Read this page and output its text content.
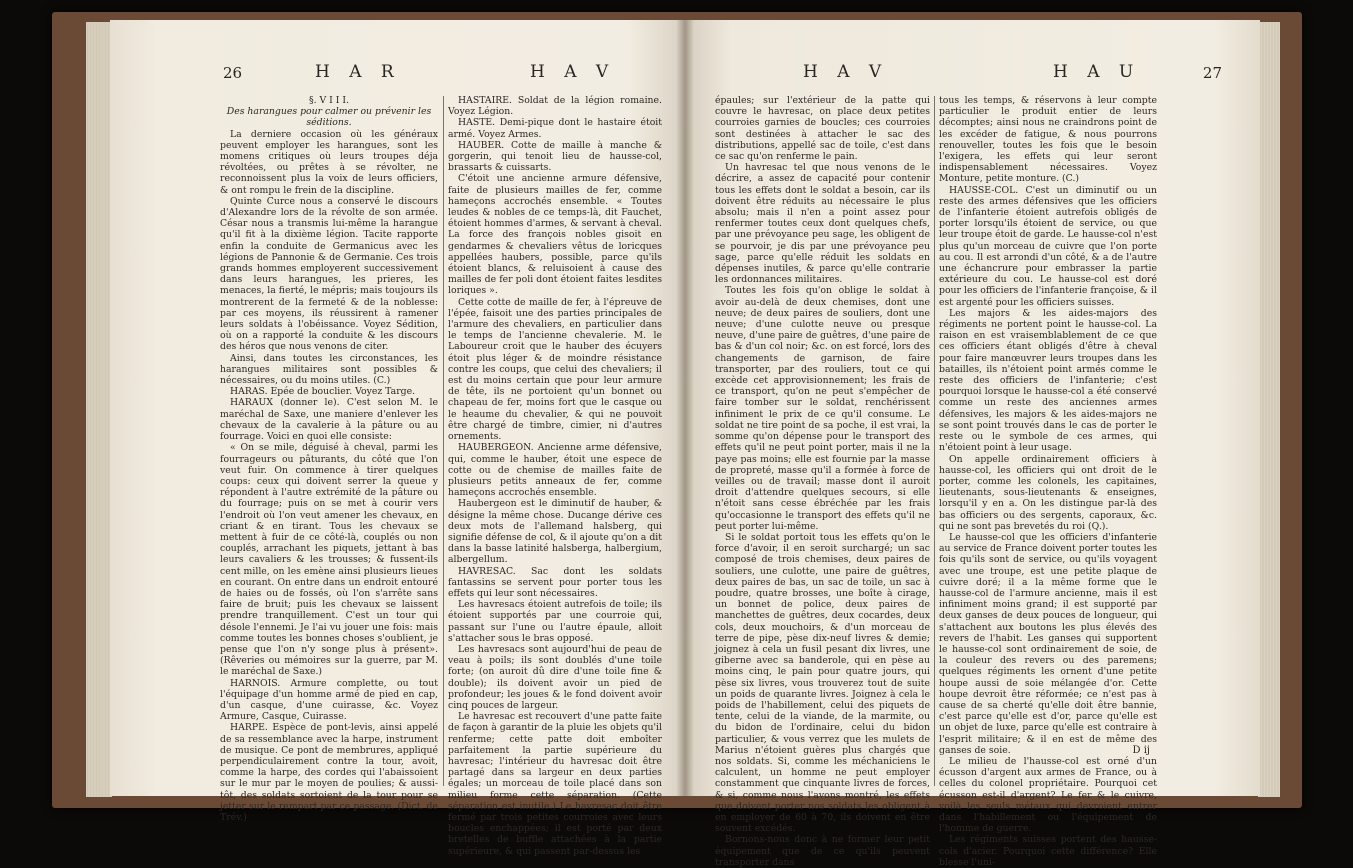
26	H A R	H A V

§. V I I I.

Des harangues pour calmer ou prévenir les séditions.

La derniere occasion où les généraux peuvent employer les harangues, sont les momens critiques où leurs troupes déja révoltées, ou prêtes à se révolter, ne reconnoissent plus la voix de leurs officiers, & ont rompu le frein de la discipline.

Quinte Curce nous a conservé le discours d'Alexandre lors de la révolte de son armée. César nous a transmis lui-même la harangue qu'il fit à la dixième légion. Tacite rapporte enfin la conduite de Germanicus avec les légions de Pannonie & de Germanie. Ces trois grands hommes employerent successivement dans leurs harangues, les prieres, les menaces, la fierté, le mépris; mais toujours ils montrerent de la fermeté & de la noblesse: par ces moyens, ils réussirent à ramener leurs soldats à l'obéissance. Voyez Sédition, où on a rapporté la conduite & les discours des héros que nous venons de citer.

Ainsi, dans toutes les circonstances, les harangues militaires sont possibles & nécessaires, ou du moins utiles. (C.)

HARAS. Epée de bouclier. Voyez Targe.

HARAUX (donner le). C'est selon M. le maréchal de Saxe, une maniere d'enlever les chevaux de la cavalerie à la pâture ou au fourrage. Voici en quoi elle consiste:

« On se mile, déguisé à cheval, parmi les fourrageurs ou pâturants, du côté que l'on veut fuir. On commence à tirer quelques coups: ceux qui doivent serrer la queue y répondent à l'autre extrémité de la pâture ou du fourrage; puis on se met à courir vers l'endroit où l'on veut amener les chevaux, en criant & en tirant. Tous les chevaux se mettent à fuir de ce côté-là, couplés ou non couplés, arrachant les piquets, jettant à bas leurs cavaliers & les trousses; & fussent-ils cent mille, on les emène ainsi plusieurs lieues en courant. On entre dans un endroit entouré de haies ou de fossés, où l'on s'arrête sans faire de bruit; puis les chevaux se laissent prendre tranquillement. C'est un tour qui désole l'ennemi. Je l'ai vu jouer une fois: mais comme toutes les bonnes choses s'oublient, je pense que l'on n'y songe plus à présent». (Rêveries ou mémoires sur la guerre, par M. le maréchal de Saxe.)

HARNOIS. Armure complette, ou tout l'équipage d'un homme armé de pied en cap, d'un casque, d'une cuirasse, &c. Voyez Armure, Casque, Cuirasse.

HARPE. Espèce de pont-levis, ainsi appelé de sa ressemblance avec la harpe, instrument de musique. Ce pont de membrures, appliqué perpendiculairement contre la tour, avoit, comme la harpe, des cordes qui l'abaissoient sur le mur par le moyen de poulies; & aussi-tôt, des soldats sortoient de la tour pour se jetter sur le rempart par ce passage. (Dict. de Trév.)

HASTAIRE. Soldat de la légion romaine. Voyez Légion.

HASTE. Demi-pique dont le hastaire étoit armé. Voyez Armes.

HAUBER. Cotte de maille à manche & gorgerin, qui tenoit lieu de hausse-col, brassarts & cuissarts.

C'étoit une ancienne armure défensive, faite de plusieurs mailles de fer, comme hameçons accrochés ensemble. « Toutes leudes & nobles de ce temps-là, dit Fauchet, étoient hommes d'armes, & servant à cheval. La force des françois nobles gisoit en gendarmes & chevaliers vêtus de loricques appellées haubers, possible, parce qu'ils étoient blancs, & reluisoient à cause des mailles de fer poli dont étoient faites lesdites loriques ».

Cette cotte de maille de fer, à l'épreuve de l'épée, faisoit une des parties principales de l'armure des chevaliers, en particulier dans le temps de l'ancienne chevalerie. M. le Laboureur croit que le hauber des écuyers étoit plus léger & de moindre résistance contre les coups, que celui des chevaliers; il est du moins certain que pour leur armure de tête, ils ne portoient qu'un bonnet ou chapeau de fer, moins fort que le casque ou le heaume du chevalier, & qui ne pouvoit être chargé de timbre, cimier, ni d'autres ornements.

HAUBERGEON. Ancienne arme défensive, qui, comme le hauber, étoit une espece de cotte ou de chemise de mailles faite de plusieurs petits anneaux de fer, comme hameçons accrochés ensemble.

Haubergeon est le diminutif de hauber, & désigne la même chose. Ducange dérive ces deux mots de l'allemand halsberg, qui signifie défense de col, & il ajoute qu'on a dit dans la basse latinité halsberga, halbergium, albergellum.

HAVRESAC. Sac dont les soldats fantassins se servent pour porter tous les effets qui leur sont nécessaires.

Les havresacs étoient autrefois de toile; ils étoient supportés par une courroie qui, passant sur l'une ou l'autre épaule, alloit s'attacher sous le bras opposé.

Les havresacs sont aujourd'hui de peau de veau à poils; ils sont doublés d'une toile forte; (on auroit dû dire d'une toile fine & double); ils doivent avoir un pied de profondeur; les joues & le fond doivent avoir cinq pouces de largeur.

Le havresac est recouvert d'une patte faite de façon à garantir de la pluie les objets qu'il renferme; cette patte doit emboîter parfaitement la partie supérieure du havresac; l'intérieur du havresac doit être partagé dans sa largeur en deux parties égales; un morceau de toile placé dans son milieu forme cette séparation. (Cette séparation est inutile.) Le havresac doit être fermé par trois petites courroies avec leurs boucles enchappées; il est porté par deux bretelles de buffle attachées à la partie supérieure, & qui passent par-dessus les

H A V	H A U	27

épaules; sur l'extérieur de la patte qui couvre le havresac, on place deux petites courroies garnies de boucles; ces courroies sont destinées à attacher le sac des distributions, appellé sac de toile, c'est dans ce sac qu'on renferme le pain.

Un havresac tel que nous venons de le décrire, a assez de capacité pour contenir tous les effets dont le soldat a besoin, car ils doivent être réduits au nécessaire le plus absolu; mais il n'en a point assez pour renfermer toutes ceux dont quelques chefs, par une prévoyance peu sage, les obligent de se pourvoir, je dis par une prévoyance peu sage, parce qu'elle réduit les soldats en dépenses inutiles, & parce qu'elle contrarie les ordonnances militaires.

Toutes les fois qu'on oblige le soldat à avoir au-delà de deux chemises, dont une neuve; de deux paires de souliers, dont une neuve; d'une culotte neuve ou presque neuve, d'une paire de guêtres, d'une paire de bas & d'un col noir; &c. on est forcé, lors des changements de garnison, de faire transporter, par des rouliers, tout ce qui excède cet approvisionnement; les frais de ce transport, qu'on ne peut s'empêcher de faire tomber sur le soldat, renchérissent infiniment le prix de ce qu'il consume. Le soldat ne tire point de sa poche, il est vrai, la somme qu'on dépense pour le transport des effets qu'il ne peut point porter, mais il ne la paye pas moins; elle est fournie par la masse de propreté, masse qu'il a formée à force de veilles ou de travail; masse dont il auroit droit d'attendre quelques secours, si elle n'étoit sans cesse ébréchée par les frais qu'occasionne le transport des effets qu'il ne peut porter lui-même.

Si le soldat portoit tous les effets qu'on le force d'avoir, il en seroit surchargé; un sac composé de trois chemises, deux paires de souliers, une culotte, une paire de guêtres, deux paires de bas, un sac de toile, un sac à poudre, quatre brosses, une boîte à cirage, un bonnet de police, deux paires de manchettes de guêtres, deux cocardes, deux cols, deux mouchoirs, & d'un morceau de terre de pipe, pèse dix-neuf livres & demie; joignez à cela un fusil pesant dix livres, une giberne avec sa banderole, qui en pèse au moins cinq, le pain pour quatre jours, qui pèse six livres, vous trouverez tout de suite un poids de quarante livres. Joignez à cela le poids de l'habillement, celui des piquets de tente, celui de la viande, de la marmite, ou du bidon de l'ordinaire, celui du bidon particulier, & vous verrez que les mulets de Marius n'étoient guères plus chargés que nos soldats. Si, comme les méchaniciens le calculent, un homme ne peut employer constamment que cinquante livres de forces, & si, comme nous l'avons montré, les effets que doivent porter nos soldats les obligent à en employer de 60 à 70, ils doivent en être souvent excédés.

Bornons-nous donc à ne former leur petit équipement que de ce qu'ils peuvent transporter dans

tous les temps, & réservons à leur compte particulier le produit entier de leurs décomptes; ainsi nous ne craindrons point de les excéder de fatigue, & nous pourrons renouveller, toutes les fois que le besoin l'exigera, les effets qui leur seront indispensablement nécessaires. Voyez Monture, petite monture. (C.)

HAUSSE-COL. C'est un diminutif ou un reste des armes défensives que les officiers de l'infanterie étoient autrefois obligés de porter lorsqu'ils étoient de service, ou que leur troupe étoit de garde. Le hausse-col n'est plus qu'un morceau de cuivre que l'on porte au cou. Il est arrondi d'un côté, & a de l'autre une échancrure pour embrasser la partie extérieure du cou. Le hausse-col est doré pour les officiers de l'infanterie françoise, & il est argenté pour les officiers suisses.

Les majors & les aides-majors des régiments ne portent point le hausse-col. La raison en est vraisemblablement de ce que ces officiers étant obligés d'être à cheval pour faire manœuvrer leurs troupes dans les batailles, ils n'étoient point armés comme le reste des officiers de l'infanterie; c'est pourquoi lorsque le hausse-col a été conservé comme un reste des anciennes armes défensives, les majors & les aides-majors ne se sont point trouvés dans le cas de porter le reste ou le symbole de ces armes, qui n'étoient point à leur usage.

On appelle ordinairement officiers à hausse-col, les officiers qui ont droit de le porter, comme les colonels, les capitaines, lieutenants, sous-lieutenants & enseignes, lorsqu'il y en a. On les distingue par-là des bas officiers ou des sergents, caporaux, &c. qui ne sont pas brevetés du roi (Q.).

Le hausse-col que les officiers d'infanterie au service de France doivent porter toutes les fois qu'ils sont de service, ou qu'ils voyagent avec une troupe, est une petite plaque de cuivre doré; il a la même forme que le hausse-col de l'armure ancienne, mais il est infiniment moins grand; il est supporté par deux ganses de deux pouces de longueur, qui s'attachent aux boutons les plus élevés des revers de l'habit. Les ganses qui supportent le hausse-col sont ordinairement de soie, de la couleur des revers ou des paremens; quelques régiments les ornent d'une petite houpe aussi de soie mélangée d'or. Cette houpe devroit être réformée; ce n'est pas à cause de sa cherté qu'elle doit être bannie, c'est parce qu'elle est d'or, parce qu'elle est un objet de luxe, parce qu'elle est contraire à l'esprit militaire; & il en est de même des ganses de soie.

Le milieu de l'hausse-col est orné d'un écusson d'argent aux armes de France, ou à celles du colonel propriétaire. Pourquoi cet écusson est-il d'argent? Le fer & le cuivre, voilà les seuls métaux qui devroient entrer dans l'habillement ou l'équipement de l'homme de guerre.

Les régiments suisses portent des hausse-cols d'acier. Pourquoi cette différence? Elle blesse l'uni-

D ij
